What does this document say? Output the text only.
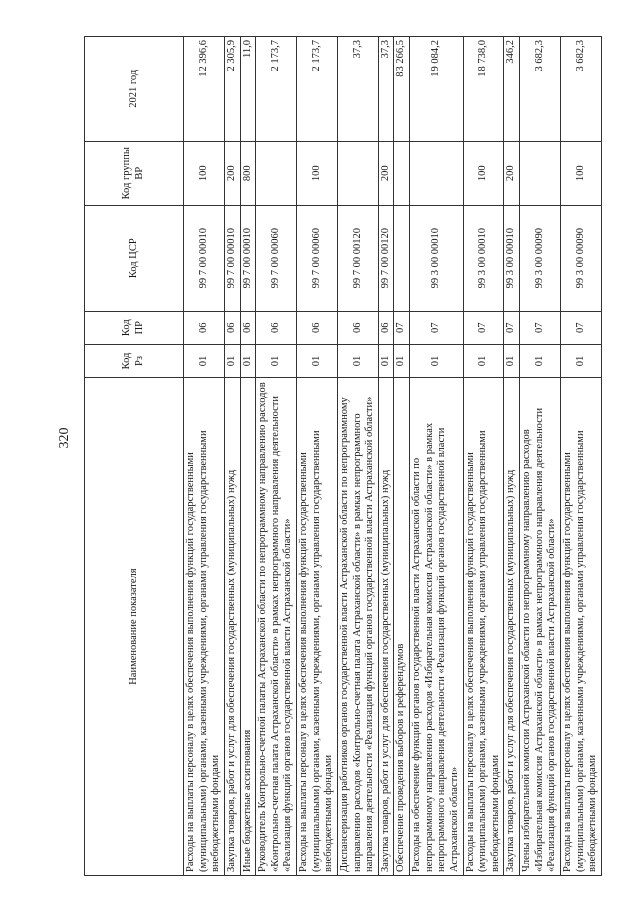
320
Наименование показателя	Код Рз	Код ПР	Код ЦСР	Код группы ВР	2021 год
Расходы на выплаты персоналу в целях обеспечения выполнения функций государственными (муниципальными) органами, казенными учреждениями, органами управления государственными внебюджетными фондами	01	06	99 7 00 00010	100	12 396,6
Закупка товаров, работ и услуг для обеспечения государственных (муниципальных) нужд	01	06	99 7 00 00010	200	2 305,9
Иные бюджетные ассигнования	01	06	99 7 00 00010	800	11,0
Руководитель Контрольно-счетной палаты Астраханской области по непрограммному направлению расходов «Контрольно-счетная палата Астраханской области» в рамках непрограммного направления деятельности «Реализация функций органов государственной власти Астраханской области»	01	06	99 7 00 00060		2 173,7
Расходы на выплаты персоналу в целях обеспечения выполнения функций государственными (муниципальными) органами, казенными учреждениями, органами управления государственными внебюджетными фондами	01	06	99 7 00 00060	100	2 173,7
Диспансеризация работников органов государственной власти Астраханской области по непрограммному направлению расходов «Контрольно-счетная палата Астраханской области» в рамках непрограммного направления деятельности «Реализация функций органов государственной власти Астраханской области»	01	06	99 7 00 00120		37,3
Закупка товаров, работ и услуг для обеспечения государственных (муниципальных) нужд	01	06	99 7 00 00120	200	37,3
Обеспечение проведения выборов и референдумов	01	07			83 266,5
Расходы на обеспечение функций органов государственной власти Астраханской области по непрограммному направлению расходов «Избирательная комиссия Астраханской области» в рамках непрограммного направления деятельности «Реализация функций органов государственной власти Астраханской области»	01	07	99 3 00 00010		19 084,2
Расходы на выплаты персоналу в целях обеспечения выполнения функций государственными (муниципальными) органами, казенными учреждениями, органами управления государственными внебюджетными фондами	01	07	99 3 00 00010	100	18 738,0
Закупка товаров, работ и услуг для обеспечения государственных (муниципальных) нужд	01	07	99 3 00 00010	200	346,2
Члены избирательной комиссии Астраханской области по непрограммному направлению расходов «Избирательная комиссия Астраханской области» в рамках непрограммного направления деятельности «Реализация функций органов государственной власти Астраханской области»	01	07	99 3 00 00090		3 682,3
Расходы на выплаты персоналу в целях обеспечения выполнения функций государственными (муниципальными) органами, казенными учреждениями, органами управления государственными внебюджетными фондами	01	07	99 3 00 00090	100	3 682,3
